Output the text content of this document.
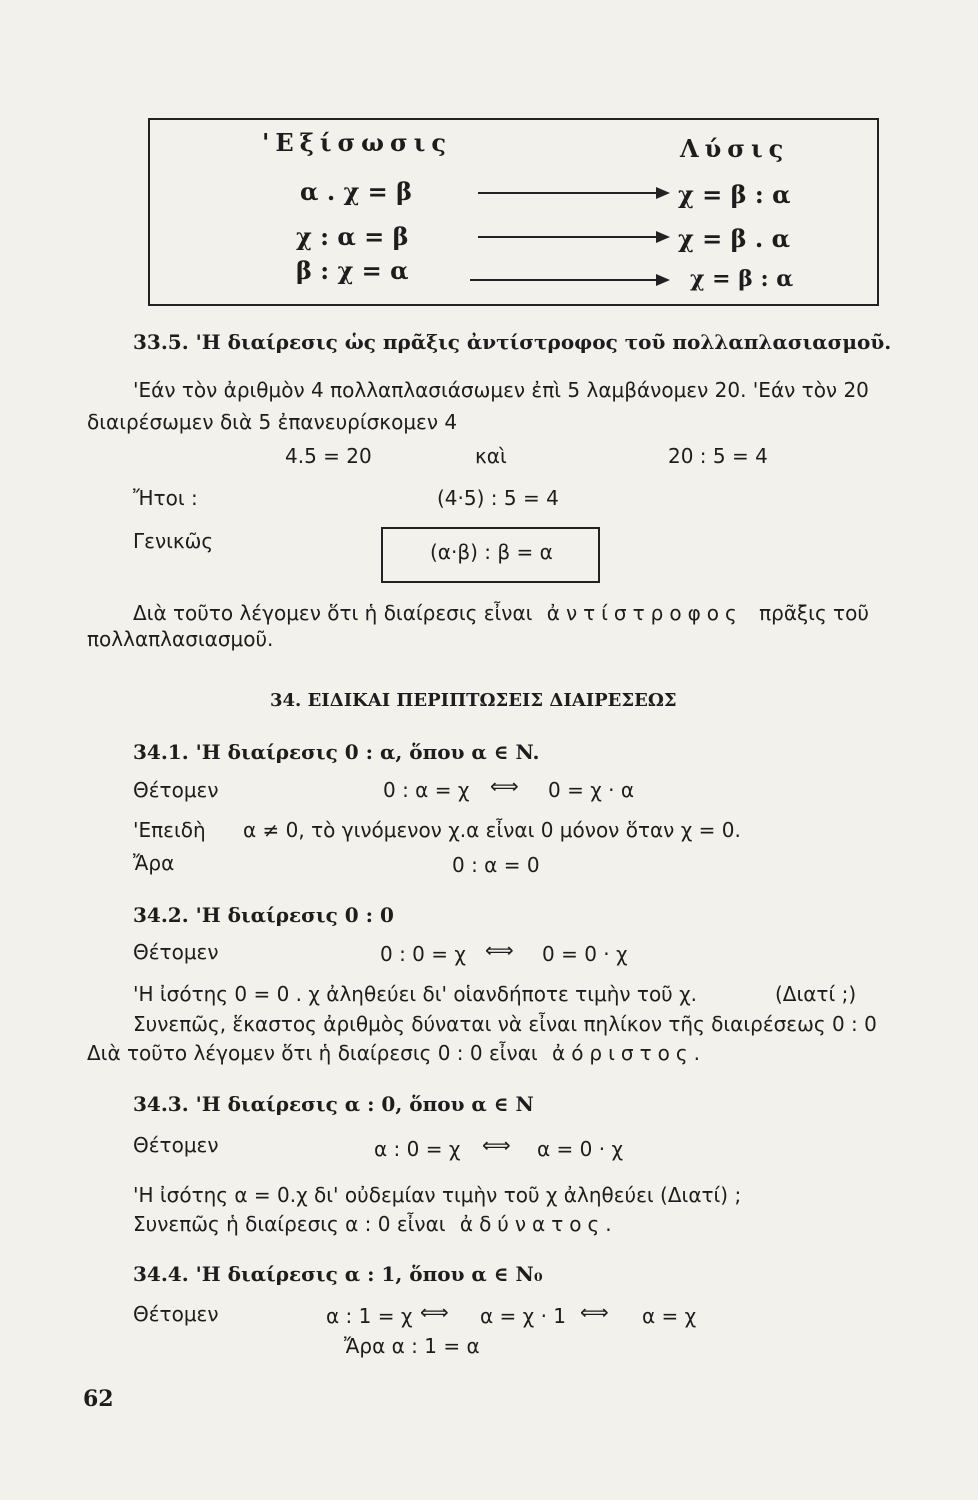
'Εξίσωσις	Λύσις
α . χ = β	χ = β : α
χ : α = β	χ = β . α
β : χ = α	χ = β : α
33.5. 'Η διαίρεσις ὡς πρᾶξις ἀντίστροφος τοῦ πολλαπλασιασμοῦ.
'Εάν τὸν ἀριθμὸν 4 πολλαπλασιάσωμεν ἐπὶ 5 λαμβάνομεν 20. 'Εάν τὸν 20
διαιρέσωμεν διὰ 5 ἐπανευρίσκομεν 4
4.5 = 20	καὶ	20 : 5 = 4
Ἤτοι :	(4·5) : 5 = 4
Γενικῶς	(α·β) : β = α
Διὰ τοῦτο λέγομεν ὅτι ἡ διαίρεσις εἶναι ἀντίστροφος πρᾶξις τοῦ
πολλαπλασιασμοῦ.
34. ΕΙΔΙΚΑΙ ΠΕΡΙΠΤΩΣΕΙΣ ΔΙΑΙΡΕΣΕΩΣ
34.1. 'Η διαίρεσις 0 : α, ὅπου α ∈ N.
Θέτομεν	0 : α = χ ⟺ 0 = χ · α
'Επειδὴ α ≠ 0, τὸ γινόμενον χ.α εἶναι 0 μόνον ὅταν χ = 0.
Ἄρα	0 : α = 0
34.2. 'Η διαίρεσις 0 : 0
Θέτομεν	0 : 0 = χ ⟺ 0 = 0 · χ
'Η ἰσότης 0 = 0 . χ ἀληθεύει δι' οἱανδήποτε τιμὴν τοῦ χ.	(Διατί ;)
Συνεπῶς, ἕκαστος ἀριθμὸς δύναται νὰ εἶναι πηλίκον τῆς διαιρέσεως 0 : 0
Διὰ τοῦτο λέγομεν ὅτι ἡ διαίρεσις 0 : 0 εἶναι ἀόριστος.
34.3. 'Η διαίρεσις α : 0, ὅπου α ∈ N
Θέτομεν	α : 0 = χ ⟺ α = 0 · χ
'Η ἰσότης α = 0.χ δι' οὐδεμίαν τιμὴν τοῦ χ ἀληθεύει (Διατί) ;
Συνεπῶς ἡ διαίρεσις α : 0 εἶναι ἀδύνατος.
34.4. 'Η διαίρεσις α : 1, ὅπου α ∈ N₀
Θέτομεν	α : 1 = χ ⟺ α = χ · 1 ⟺ α = χ
Ἄρα α : 1 = α
62
